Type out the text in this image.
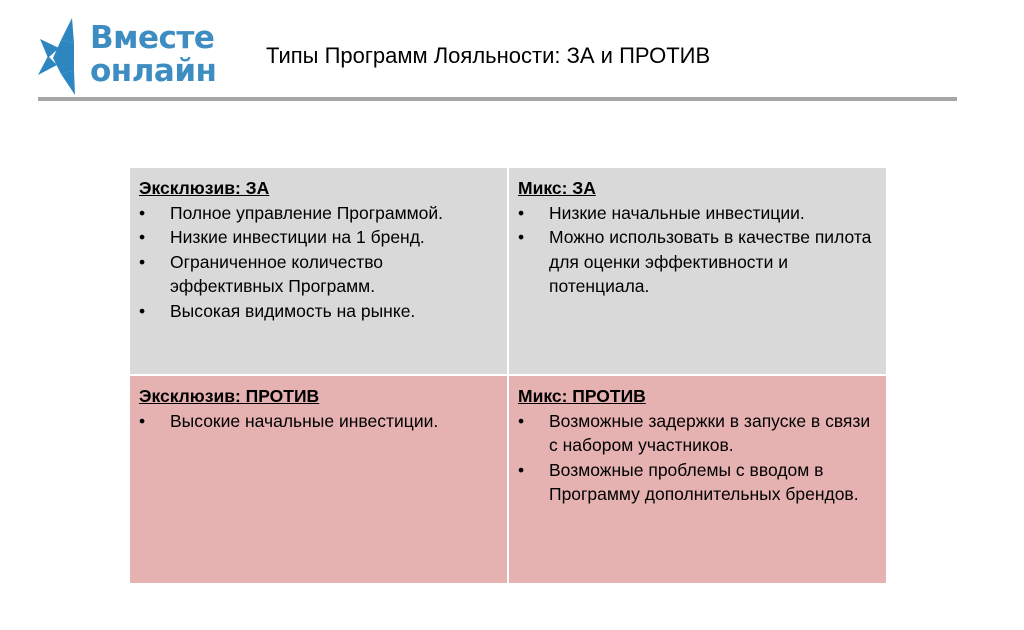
Вместе
онлайн Типы Программ Лояльности: ЗА и ПРОТИВ
Эксклюзив: ЗА
• Полное управление Программой.
• Низкие инвестиции на 1 бренд.
• Ограниченное количество эффективных Программ.
• Высокая видимость на рынке.
Микс: ЗА
• Низкие начальные инвестиции.
• Можно использовать в качестве пилота для оценки эффективности и потенциала.
Эксклюзив: ПРОТИВ
• Высокие начальные инвестиции.
Микс: ПРОТИВ
• Возможные задержки в запуске в связи с набором участников.
• Возможные проблемы с вводом в Программу дополнительных брендов.
